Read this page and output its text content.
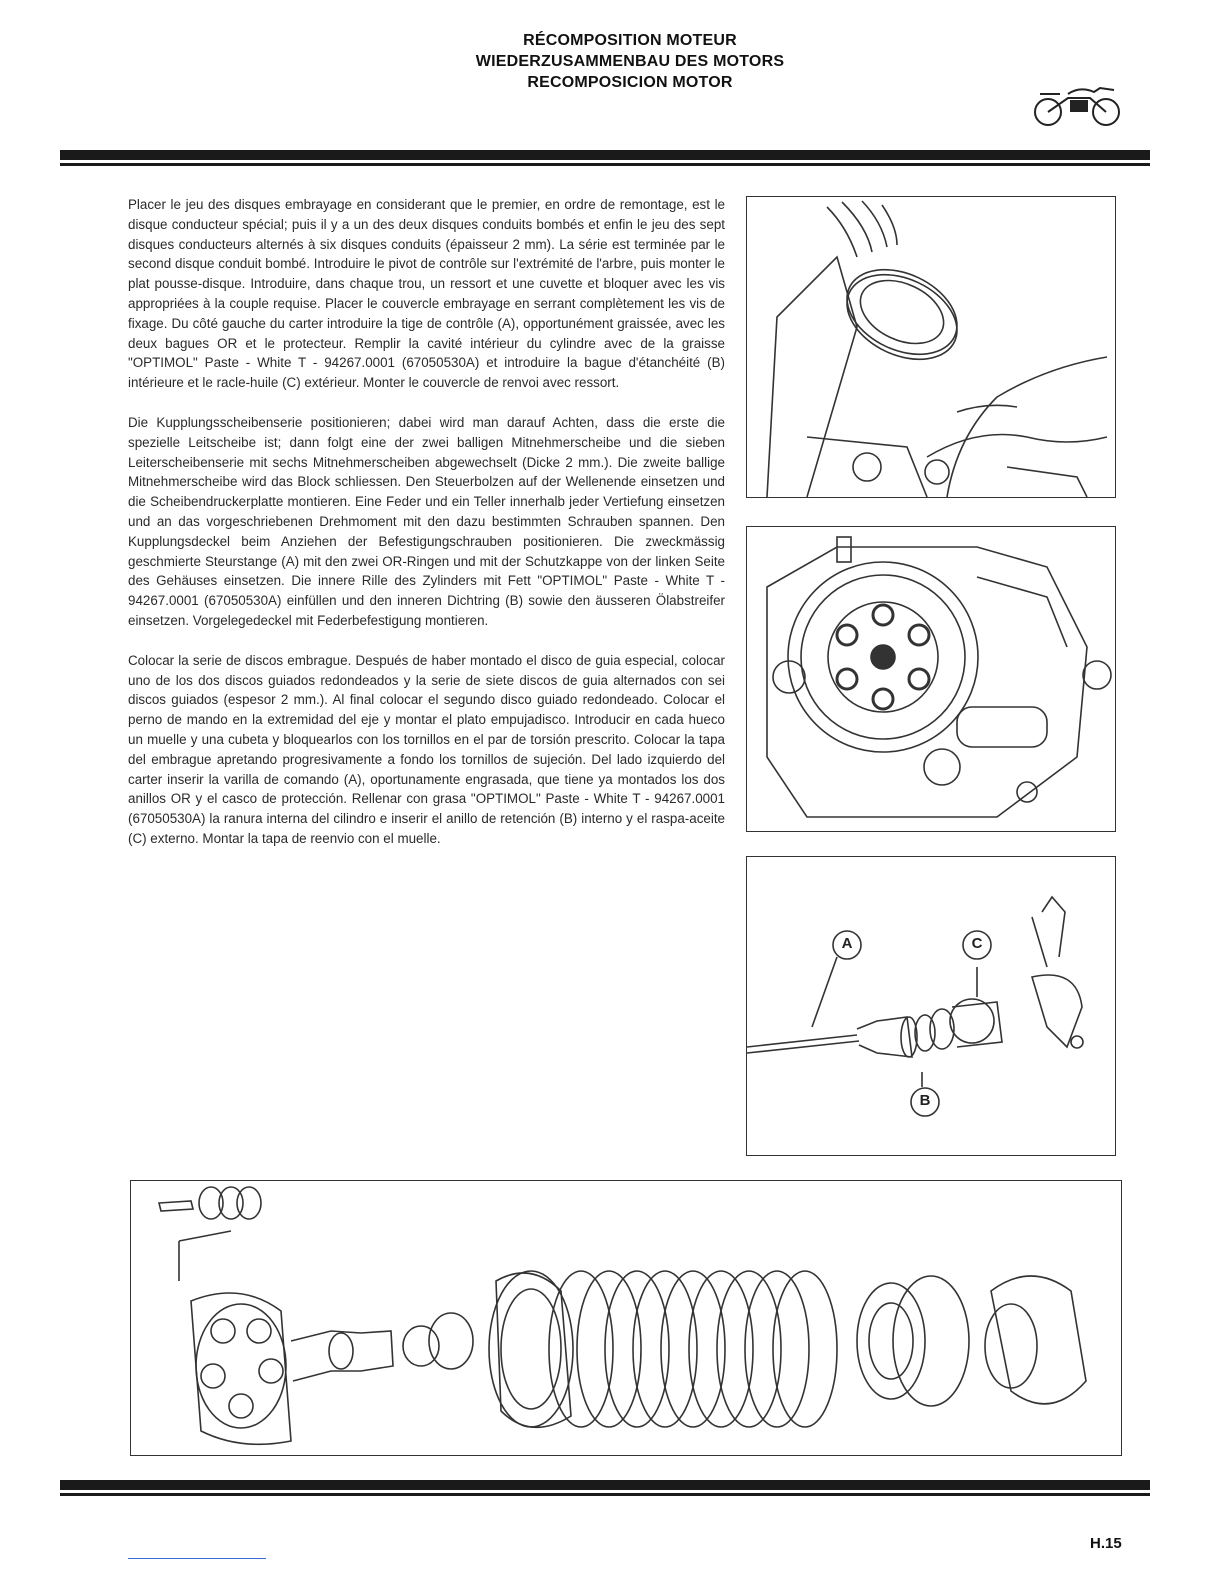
RÉCOMPOSITION MOTEUR
WIEDERZUSAMMENBAU DES MOTORS
RECOMPOSICION MOTOR

Placer le jeu des disques embrayage en considerant que le premier, en ordre de remontage, est le disque conducteur spécial; puis il y a un des deux disques conduits bombés et enfin le jeu des sept disques conducteurs alternés à six disques conduits (épaisseur 2 mm). La série est terminée par le second disque conduit bombé. Introduire le pivot de contrôle sur l'extrémité de l'arbre, puis monter le plat pousse-disque. Introduire, dans chaque trou, un ressort et une cuvette et bloquer avec les vis appropriées à la couple requise. Placer le couvercle embrayage en serrant complètement les vis de fixage. Du côté gauche du carter introduire la tige de contrôle (A), opportunément graissée, avec les deux bagues OR et le protecteur. Remplir la cavité intérieur du cylindre avec de la graisse "OPTIMOL" Paste - White T - 94267.0001 (67050530A) et introduire la bague d'étanchéité (B) intérieure et le racle-huile (C) extérieur. Monter le couvercle de renvoi avec ressort.

Die Kupplungsscheibenserie positionieren; dabei wird man darauf Achten, dass die erste die spezielle Leitscheibe ist; dann folgt eine der zwei balligen Mitnehmerscheibe und die sieben Leiterscheibenserie mit sechs Mitnehmerscheiben abgewechselt (Dicke 2 mm.). Die zweite ballige Mitnehmerscheibe wird das Block schliessen. Den Steuerbolzen auf der Wellenende einsetzen und die Scheibendruckerplatte montieren. Eine Feder und ein Teller innerhalb jeder Vertiefung einsetzen und an das vorgeschriebenen Drehmoment mit den dazu bestimmten Schrauben spannen. Den Kupplungsdeckel beim Anziehen der Befestigungschrauben positionieren. Die zweckmässig geschmierte Steurstange (A) mit den zwei OR-Ringen und mit der Schutzkappe von der linken Seite des Gehäuses einsetzen. Die innere Rille des Zylinders mit Fett "OPTIMOL" Paste - White T - 94267.0001 (67050530A) einfüllen und den inneren Dichtring (B) sowie den äusseren Ölabstreifer einsetzen. Vorgelegedeckel mit Federbefestigung montieren.

Colocar la serie de discos embrague. Después de haber montado el disco de guia especial, colocar uno de los dos discos guiados redondeados y la serie de siete discos de guia alternados con sei discos guiados (espesor 2 mm.). Al final colocar el segundo disco guiado redondeado. Colocar el perno de mando en la extremidad del eje y montar el plato empujadisco. Introducir en cada hueco un muelle y una cubeta y bloquearlos con los tornillos en el par de torsión prescrito. Colocar la tapa del embrague apretando progresivamente a fondo los tornillos de sujeción. Del lado izquierdo del carter inserir la varilla de comando (A), oportunamente engrasada, que tiene ya montados los dos anillos OR y el casco de protección. Rellenar con grasa "OPTIMOL" Paste - White T - 94267.0001 (67050530A) la ranura interna del cilindro e inserir el anillo de retención (B) interno y el raspa-aceite (C) externo. Montar la tapa de reenvio con el muelle.

A	C
B
H.15
